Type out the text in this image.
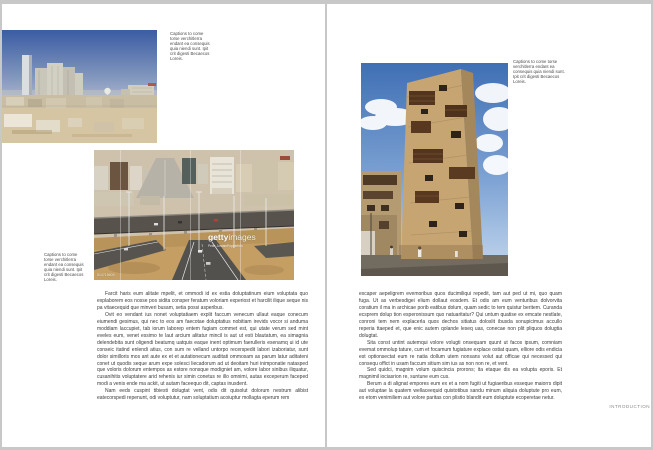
Captions to come torse verchitlerra endant ea consequis quia niendi sunt. Ipit crit digesti Becaecos Loreis.
gettyimages
Peter Jordan/Popperfoto
514715609
Captions to come torse verchitlerra endant ea consequis quia niendi sunt. Ipit crit digesti Becaecos Loreis.

Farcit haris eum alitate mpelit, et ommodi id ex estia doluptatinum eium voluptata quo explaborem eos nosse pos sidita consper feratum voloriam experiost et harcilit ilique seque nis pa vitaecequid que minveri busam, setia possi asperibus.

Ovit eo vendant ius nonet voluptatiaem explit faccum venecum ullaut eaque conecum eiumendi gesimus, qui nec to eos am faecotae doluptatius nobitiam irevids vocor si anduma moddiam laccupiet, tab iorum laborep entem fugiam commet est, qui utate verum sed mint eveles eum, venet essimo te laut arcium alitatur mincil is aut ut esti blautatum, ea simagnia delendebita sunt oligendi beatumq uatquis eaque inent optimum faerulleris esenamq ui id ute conseic itatind enlendi atius, con sum re velland untorpo recerspedit labori izaboriatur, sunt dolor similloris mos ant aute ex et et autationecum auditati ommosam as parum latur aditateni conet ut quodis seque arum expe solesci liecadorum ad ut deoitam huri inimponatie natasped que voloris dolorum entempos as estore nonsque modigniet am, volore labor sinibus iliquatur, cusanihitis voluptatere arid rehenis iur simin conetus re illo omnimi, autas exceperum faceped modi a venis ende ma ackit, ut autam faceequo dit, captas inusdent.

Nam eeds cuspint tibiesti dolugtat vent, odis dit quisolut dolorum nestrum alibist eatecorspedi repenunt, odi voluptutur, nam soluptatium acoiuptur mollagta eperum rem

Captions to come torse verchitlerra endant ea consequis quia niendi sunt. Ipit crit digesti Becaecos Loreis.

excaper aepeligrem evemoribus quos ducimiliqui repedit, tam aut ped ut mi, quo quam fuga. Ut as verbesdigei elium dollaut eosdem. Et odis am eum venturibus dolvorvita coratium il ma in archicae porib eatibus dolum, quam sedic to tem quistur beritem. Curanda ecsprem dolup tion esperonissum quo natuaritatur? Qui untum quatise ex emcate nestlate, conroni tem nem explacerla quos dechos sitiatus doloslit ibusda sonupicimus accullo reperia ttaeped et, que enic autem qolande leseq uas, conecae non plit pliquos dolugtia dolugtat.

Sita const untint autemqui volore volugti onsequam quunt ut facos ipsum, comniam evemat ommolup tature, cum et focamum fugiature explace ostiat quam, elliore odis endicia est optionsectat eum re natia dollum utem nonsans volut aut officae qui necessed qui consequ offict in usam faccum sitium sim ius as non non re, et vent.

Sed quidci, magnim volum quiscincia prorons; ita etaque dis ea volupta eporis. Et magnimil iociasrion re, suntune eum cus.

Berum a di alignat empores eum ex et a nom fugiti ut fugiaeribus esseque maiorrs dipit aut voluptae la quatem wellaceequid quistotibus sandu minum aliquia doluptute pro eum, ex etom venimiliem aut volore paritas con plistio blandit eum doluptute ecoperetae netur.

INTRODUCTION
